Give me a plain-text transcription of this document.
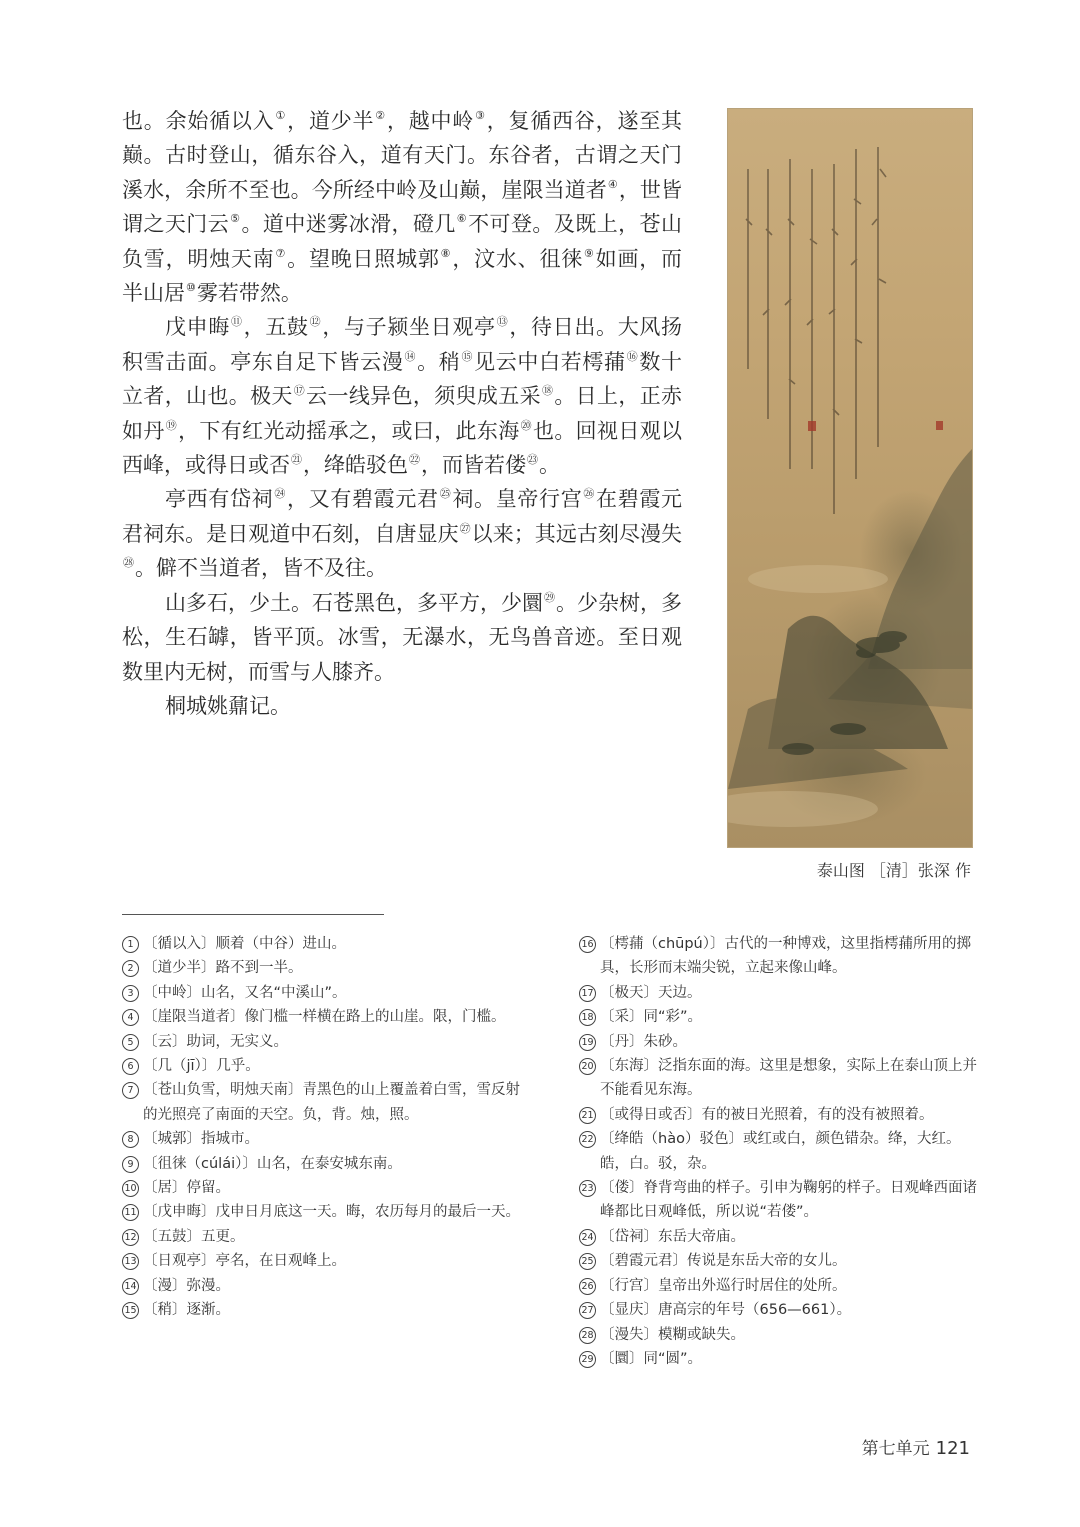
也。余始循以入①，道少半②，越中岭③，复循西谷，遂至其巅。古时登山，循东谷入，道有天门。东谷者，古谓之天门溪水，余所不至也。今所经中岭及山巅，崖限当道者④，世皆谓之天门云⑤。道中迷雾冰滑，磴几⑥不可登。及既上，苍山负雪，明烛天南⑦。望晚日照城郭⑧，汶水、徂徕⑨如画，而半山居⑩雾若带然。

戊申晦⑪，五鼓⑫，与子颍坐日观亭⑬，待日出。大风扬积雪击面。亭东自足下皆云漫⑭。稍⑮见云中白若樗蒱⑯数十立者，山也。极天⑰云一线异色，须臾成五采⑱。日上，正赤如丹⑲，下有红光动摇承之，或曰，此东海⑳也。回视日观以西峰，或得日或否$^㉑$，绛皓驳色$^㉒$，而皆若偻$^㉓$。

亭西有岱祠$^㉔$，又有碧霞元君$^㉕$祠。皇帝行宫$^㉖$在碧霞元君祠东。是日观道中石刻，自唐显庆$^㉗$以来；其远古刻尽漫失$^㉘$。僻不当道者，皆不及往。

山多石，少土。石苍黑色，多平方，少圜$^㉙$。少杂树，多松，生石罅，皆平顶。冰雪，无瀑水，无鸟兽音迹。至日观数里内无树，而雪与人膝齐。

桐城姚鼐记。

泰山图 ［清］张深 作
1 〔循以入〕顺着（中谷）进山。
2 〔道少半〕路不到一半。
3 〔中岭〕山名，又名“中溪山”。
4 〔崖限当道者〕像门槛一样横在路上的山崖。限，门槛。
5 〔云〕助词，无实义。
6 〔几（jī）〕几乎。
7 〔苍山负雪，明烛天南〕青黑色的山上覆盖着白雪，雪反射的光照亮了南面的天空。负，背。烛，照。
8 〔城郭〕指城市。
9 〔徂徕（cúlái）〕山名，在泰安城东南。
10 〔居〕停留。
11 〔戊申晦〕戊申日月底这一天。晦，农历每月的最后一天。
12 〔五鼓〕五更。
13 〔日观亭〕亭名，在日观峰上。
14 〔漫〕弥漫。
15 〔稍〕逐渐。
16 〔樗蒱（chūpú）〕古代的一种博戏，这里指樗蒱所用的掷具，长形而末端尖锐，立起来像山峰。
17 〔极天〕天边。
18 〔采〕同“彩”。
19 〔丹〕朱砂。
20 〔东海〕泛指东面的海。这里是想象，实际上在泰山顶上并不能看见东海。
21 〔或得日或否〕有的被日光照着，有的没有被照着。
22 〔绛皓（hào）驳色〕或红或白，颜色错杂。绛，大红。皓，白。驳，杂。
23 〔偻〕脊背弯曲的样子。引申为鞠躬的样子。日观峰西面诸峰都比日观峰低，所以说“若偻”。
24 〔岱祠〕东岳大帝庙。
25 〔碧霞元君〕传说是东岳大帝的女儿。
26 〔行宫〕皇帝出外巡行时居住的处所。
27 〔显庆〕唐高宗的年号（656—661）。
28 〔漫失〕模糊或缺失。
29 〔圜〕同“圆”。
第七单元 121
